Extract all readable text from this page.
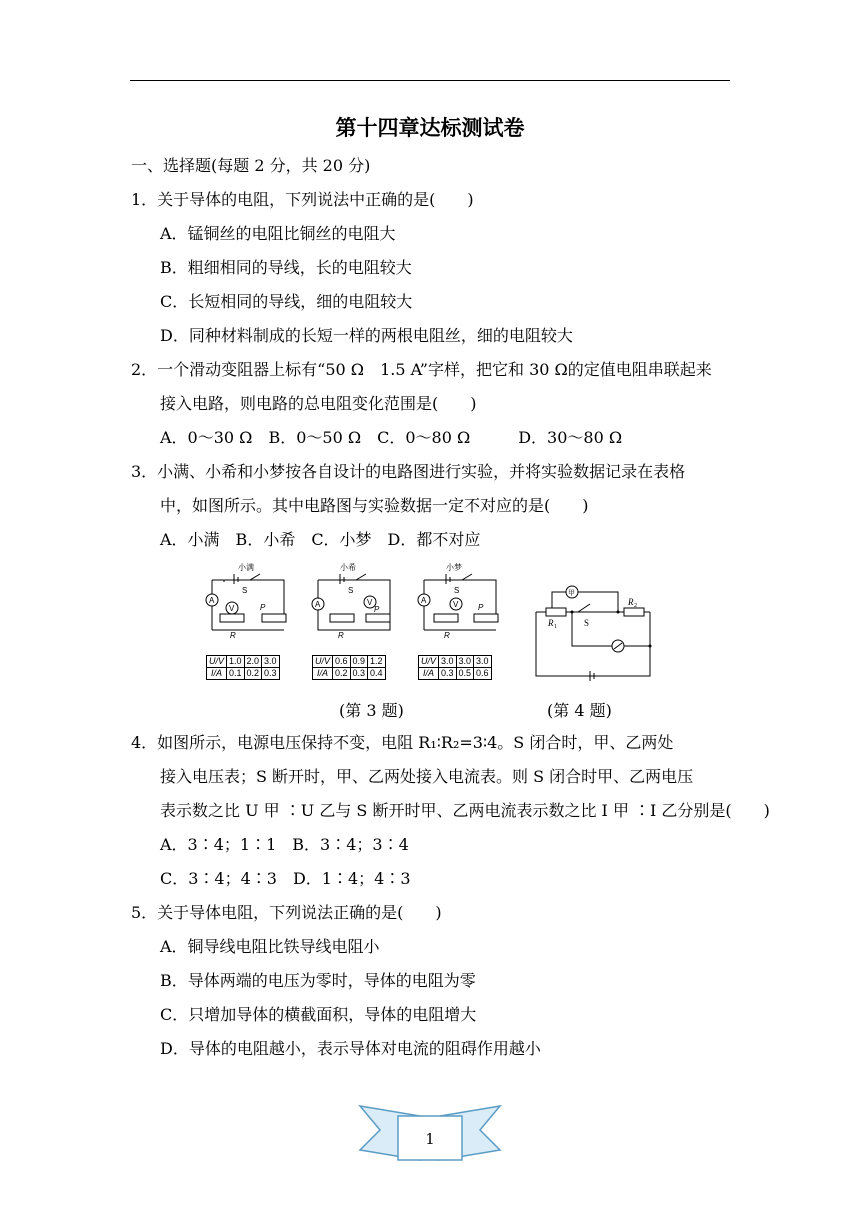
第十四章达标测试卷
一、选择题(每题 2 分，共 20 分)
1．关于导体的电阻，下列说法中正确的是(　　)
A．锰铜丝的电阻比铜丝的电阻大
B．粗细相同的导线，长的电阻较大
C．长短相同的导线，细的电阻较大
D．同种材料制成的长短一样的两根电阻丝，细的电阻较大
2．一个滑动变阻器上标有“50 Ω　1.5 A”字样，把它和 30 Ω的定值电阻串联起来
接入电路，则电路的总电阻变化范围是(　　)
A．0～30 Ω　B．0～50 Ω　C．0～80 Ω　　　D．30～80 Ω
3．小满、小希和小梦按各自设计的电路图进行实验，并将实验数据记录在表格
中，如图所示。其中电路图与实验数据一定不对应的是(　　)
A．小满　B．小希　C．小梦　D．都不对应
小满
S
A
V	P
R
小希
S
A	V
P
R
小梦
S
A	V P
R
U/V	1.0	2.0	3.0
I/A	0.1	0.2	0.3
U/V	0.6	0.9	1.2
I/A	0.2	0.3	0.4
U/V	3.0	3.0	3.0
I/A	0.3	0.5	0.6
甲
R 1	S
R 2
(第 3 题)	(第 4 题)
4．如图所示，电源电压保持不变，电阻 R₁∶R₂=3∶4。S 闭合时，甲、乙两处
接入电压表；S 断开时，甲、乙两处接入电流表。则 S 闭合时甲、乙两电压
表示数之比 U 甲 ∶U 乙与 S 断开时甲、乙两电流表示数之比 I 甲 ∶I 乙分别是(　　)
A．3∶4；1∶1　B．3∶4；3∶4
C．3∶4；4∶3　D．1∶4；4∶3
5．关于导体电阻，下列说法正确的是(　　)
A．铜导线电阻比铁导线电阻小
B．导体两端的电压为零时，导体的电阻为零
C．只增加导体的横截面积，导体的电阻增大
D．导体的电阻越小，表示导体对电流的阻碍作用越小
1
